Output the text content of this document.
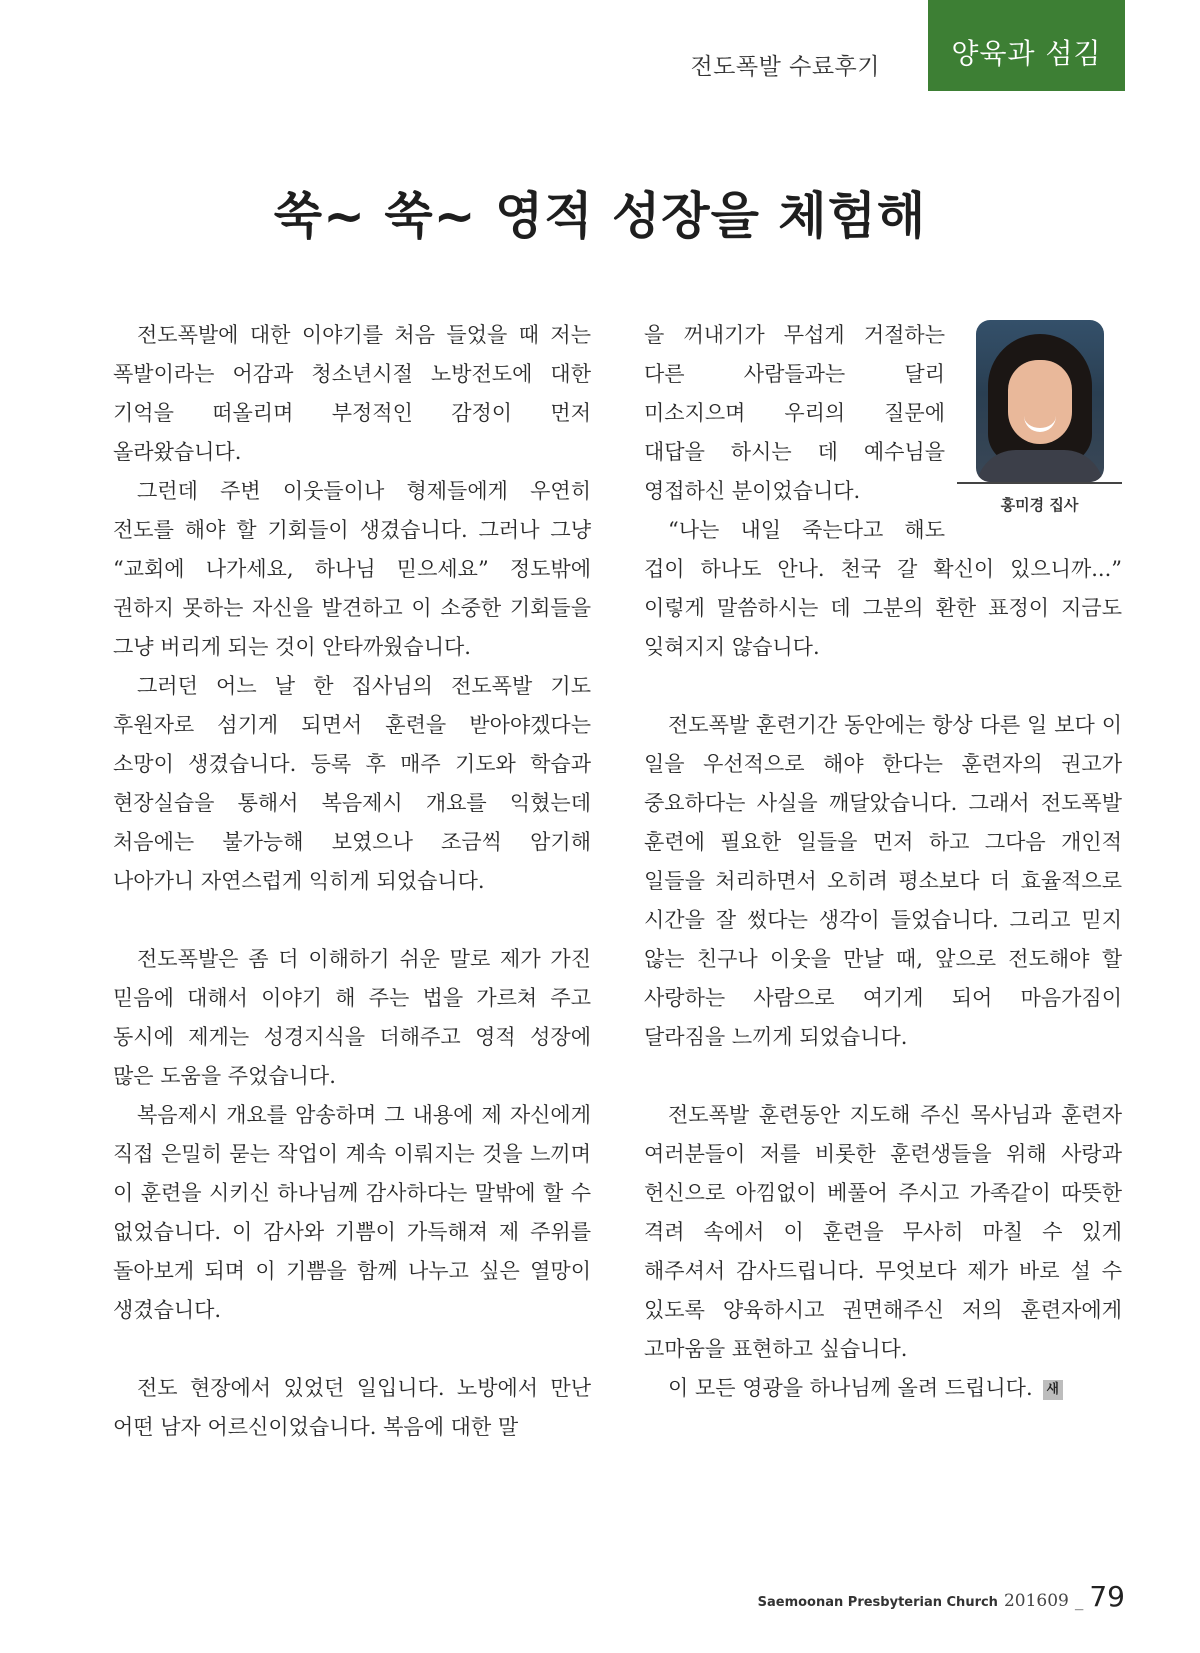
전도폭발 수료후기	양육과 섬김
쑥~ 쑥~ 영적 성장을 체험해

전도폭발에 대한 이야기를 처음 들었을 때 저는 폭발이라는 어감과 청소년시절 노방전도에 대한 기억을 떠올리며 부정적인 감정이 먼저 올라왔습니다.

그런데 주변 이웃들이나 형제들에게 우연히 전도를 해야 할 기회들이 생겼습니다. 그러나 그냥 “교회에 나가세요, 하나님 믿으세요” 정도밖에 권하지 못하는 자신을 발견하고 이 소중한 기회들을 그냥 버리게 되는 것이 안타까웠습니다.

그러던 어느 날 한 집사님의 전도폭발 기도 후원자로 섬기게 되면서 훈련을 받아야겠다는 소망이 생겼습니다. 등록 후 매주 기도와 학습과 현장실습을 통해서 복음제시 개요를 익혔는데 처음에는 불가능해 보였으나 조금씩 암기해 나아가니 자연스럽게 익히게 되었습니다.

전도폭발은 좀 더 이해하기 쉬운 말로 제가 가진 믿음에 대해서 이야기 해 주는 법을 가르쳐 주고 동시에 제게는 성경지식을 더해주고 영적 성장에 많은 도움을 주었습니다.

복음제시 개요를 암송하며 그 내용에 제 자신에게 직접 은밀히 묻는 작업이 계속 이뤄지는 것을 느끼며 이 훈련을 시키신 하나님께 감사하다는 말밖에 할 수 없었습니다. 이 감사와 기쁨이 가득해져 제 주위를 돌아보게 되며 이 기쁨을 함께 나누고 싶은 열망이 생겼습니다.

전도 현장에서 있었던 일입니다. 노방에서 만난 어떤 남자 어르신이었습니다. 복음에 대한 말

홍미경 집사

을 꺼내기가 무섭게 거절하는 다른 사람들과는 달리 미소지으며 우리의 질문에 대답을 하시는 데 예수님을 영접하신 분이었습니다.

“나는 내일 죽는다고 해도 겁이 하나도 안나. 천국 갈 확신이 있으니까...” 이렇게 말씀하시는 데 그분의 환한 표정이 지금도 잊혀지지 않습니다.

전도폭발 훈련기간 동안에는 항상 다른 일 보다 이 일을 우선적으로 해야 한다는 훈련자의 권고가 중요하다는 사실을 깨달았습니다. 그래서 전도폭발 훈련에 필요한 일들을 먼저 하고 그다음 개인적 일들을 처리하면서 오히려 평소보다 더 효율적으로 시간을 잘 썼다는 생각이 들었습니다. 그리고 믿지 않는 친구나 이웃을 만날 때, 앞으로 전도해야 할 사랑하는 사람으로 여기게 되어 마음가짐이 달라짐을 느끼게 되었습니다.

전도폭발 훈련동안 지도해 주신 목사님과 훈련자 여러분들이 저를 비롯한 훈련생들을 위해 사랑과 헌신으로 아낌없이 베풀어 주시고 가족같이 따뜻한 격려 속에서 이 훈련을 무사히 마칠 수 있게 해주셔서 감사드립니다. 무엇보다 제가 바로 설 수 있도록 양육하시고 권면해주신 저의 훈련자에게 고마움을 표현하고 싶습니다.

이 모든 영광을 하나님께 올려 드립니다. 새

Saemoonan Presbyterian Church 201609 _ 79
